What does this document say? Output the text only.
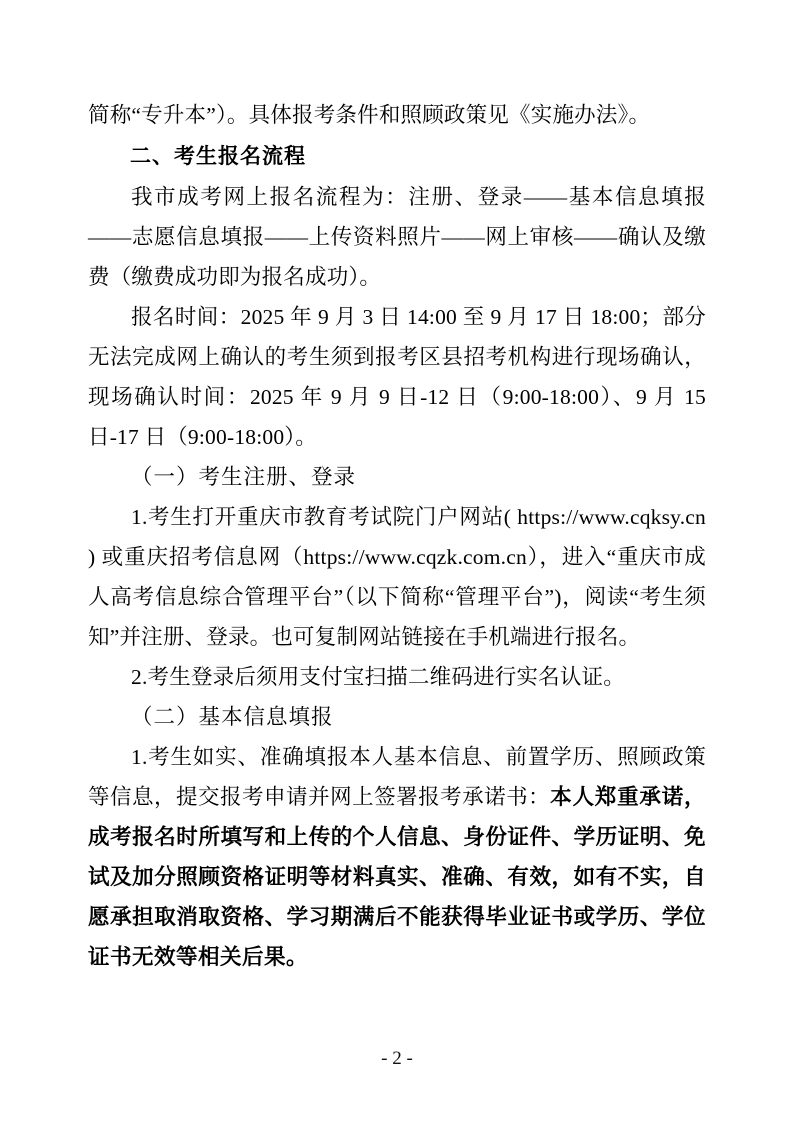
简称“专升本”）。具体报考条件和照顾政策见《实施办法》。

二、考生报名流程

我市成考网上报名流程为：注册、登录——基本信息填报——志愿信息填报——上传资料照片——网上审核——确认及缴费（缴费成功即为报名成功）。

报名时间：2025 年 9 月 3 日 14:00 至 9 月 17 日 18:00；部分无法完成网上确认的考生须到报考区县招考机构进行现场确认，现场确认时间：2025 年 9 月 9 日-12 日（9:00-18:00）、9 月 15 日-17 日（9:00-18:00）。

（一）考生注册、登录

1.考生打开重庆市教育考试院门户网站( https://www.cqksy.cn ) 或重庆招考信息网（https://www.cqzk.com.cn），进入“重庆市成人高考信息综合管理平台”（以下简称“管理平台”)，阅读“考生须知”并注册、登录。也可复制网站链接在手机端进行报名。

2.考生登录后须用支付宝扫描二维码进行实名认证。

（二）基本信息填报

1.考生如实、准确填报本人基本信息、前置学历、照顾政策等信息，提交报考申请并网上签署报考承诺书：本人郑重承诺，成考报名时所填写和上传的个人信息、身份证件、学历证明、免试及加分照顾资格证明等材料真实、准确、有效，如有不实，自愿承担取消取资格、学习期满后不能获得毕业证书或学历、学位证书无效等相关后果。

- 2 -
